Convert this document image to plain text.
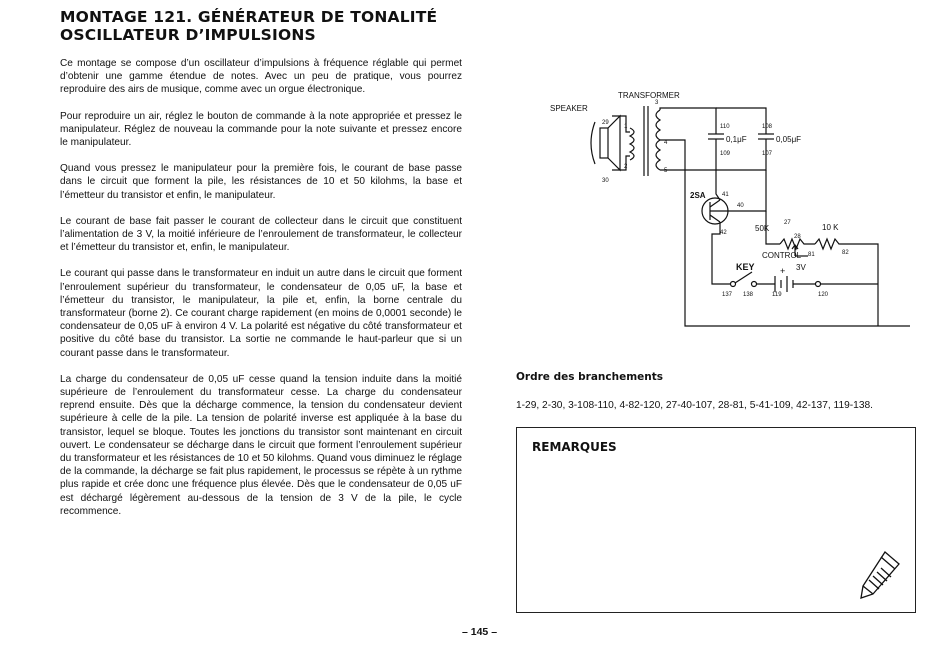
MONTAGE 121. GÉNÉRATEUR DE TONALITÉ
OSCILLATEUR D’IMPULSIONS

Ce montage se compose d’un oscillateur d’impulsions à fréquence réglable qui permet d’obtenir une gamme étendue de notes. Avec un peu de pratique, vous pourrez reproduire des airs de musique, comme avec un orgue électronique.

Pour reproduire un air, réglez le bouton de commande à la note appropriée et pressez le manipulateur. Réglez de nouveau la commande pour la note suivante et pressez encore le manipulateur.

Quand vous pressez le manipulateur pour la première fois, le courant de base passe dans le circuit que forment la pile, les résistances de 10 et 50 kilohms, la base et l’émetteur du transistor et enfin, le manipulateur.

Le courant de base fait passer le courant de collecteur dans le circuit que constituent l’alimentation de 3 V, la moitié inférieure de l’enroulement de transformateur, le collecteur et l’émetteur du transistor et, enfin, le manipulateur.

Le courant qui passe dans le transformateur en induit un autre dans le circuit que forment l’enroulement supérieur du transformateur, le condensateur de 0,05 uF, la base et l’émetteur du transistor, le manipulateur, la pile et, enfin, la borne centrale du transformateur (borne 2). Ce courant charge rapidement (en moins de 0,0001 seconde) le condensateur de 0,05 uF à environ 4 V. La polarité est négative du côté transformateur et positive du côté base du transistor. La sortie ne commande le haut-parleur que si un courant passe dans le transformateur.

La charge du condensateur de 0,05 uF cesse quand la tension induite dans la moitié supérieure de l’enroulement du transformateur cesse. La charge du condensateur reprend ensuite. Dès que la décharge commence, la tension du condensateur devient supérieure à celle de la pile. La tension de polarité inverse est appliquée à la base du transistor, lequel se bloque. Toutes les jonctions du transistor sont maintenant en circuit ouvert. Le condensateur se décharge dans le circuit que forment l’enroulement supérieur du transformateur et les résistances de 10 et 50 kilohms. Quand vous diminuez le réglage de la commande, la décharge se fait plus rapidement, le processus se répète à un rythme plus rapide et crée donc une fréquence plus élevée. Dès que le condensateur de 0,05 uF est déchargé légèrement au-dessous de la tension de 3 V de la pile, le cycle recommence.

SPEAKER
TRANSFORMER
29
30
1
2
3
4
5
110
0,1μF
109
108
0,05μF
107
2SA	41
40
42	50K
27
28
10 K
81	82
CONTROL
KEY	+ 3V
137 138	119	120
Ordre des branchements
1-29, 2-30, 3-108-110, 4-82-120, 27-40-107, 28-81, 5-41-109, 42-137, 119-138.
REMARQUES
– 145 –
